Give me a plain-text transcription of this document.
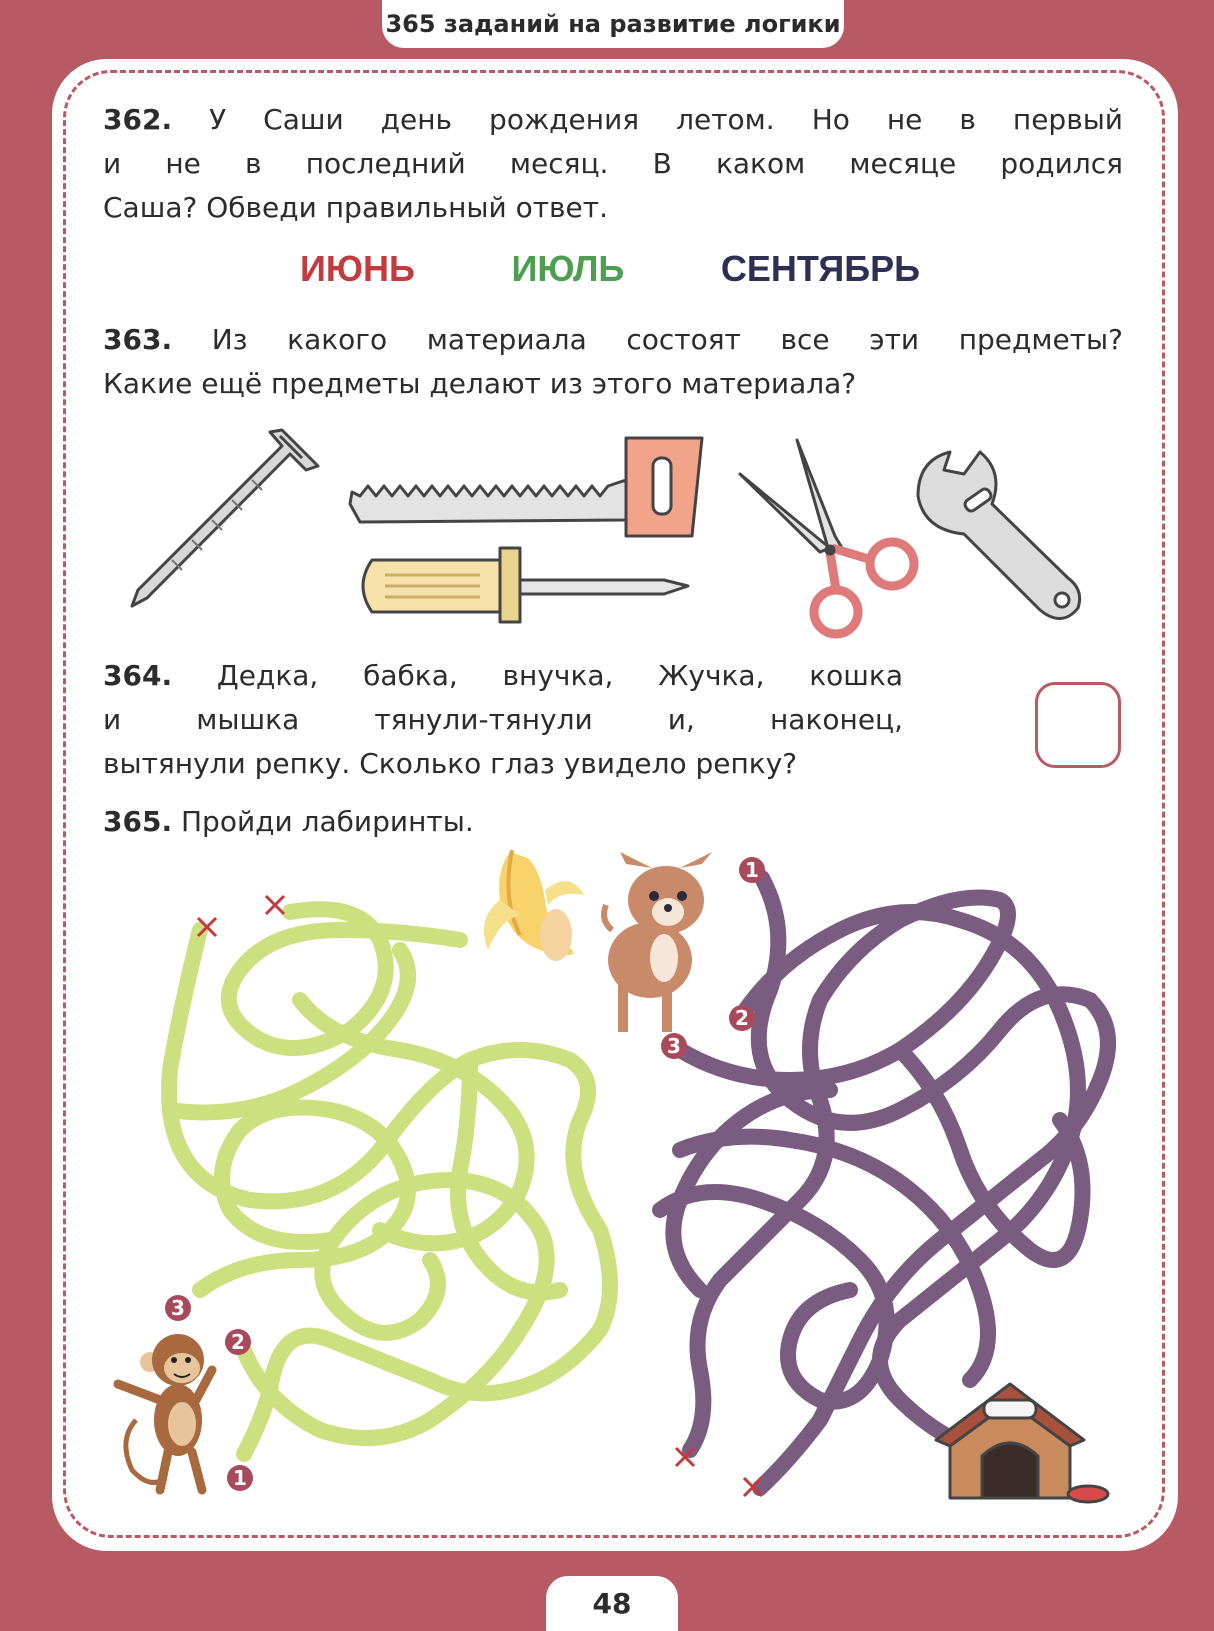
365 заданий на развитие логики
362. У Саши день рождения летом. Но не в первый
и не в последний месяц. В каком месяце родился
Саша? Обведи правильный ответ.
ИЮНЬ	ИЮЛЬ	СЕНТЯБРЬ
363. Из какого материала состоят все эти предметы?
Какие ещё предметы делают из этого материала?
364. Дедка, бабка, внучка, Жучка, кошка
и мышка тянули-тянули и, наконец,
вытянули репку. Сколько глаз увидело репку?
365. Пройди лабиринты.
3
2
1
1
2
3
48
